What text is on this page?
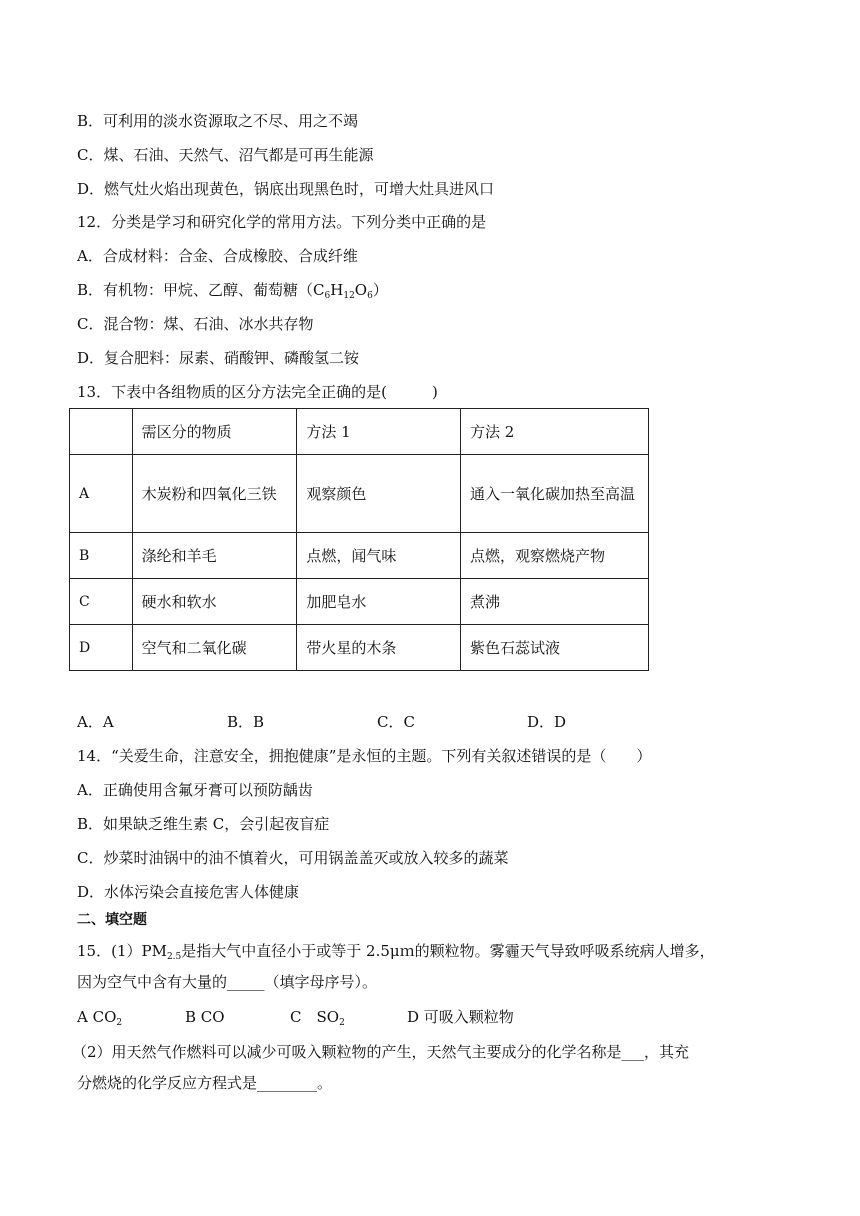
B．可利用的淡水资源取之不尽、用之不竭
C．煤、石油、天然气、沼气都是可再生能源
D．燃气灶火焰出现黄色，锅底出现黑色时，可增大灶具进风口
12．分类是学习和研究化学的常用方法。下列分类中正确的是
A．合成材料：合金、合成橡胶、合成纤维
B．有机物：甲烷、乙醇、葡萄糖$(C_6H_{12}O_6)$
C．混合物：煤、石油、冰水共存物
D．复合肥料：尿素、硝酸钾、磷酸氢二铵
13．下表中各组物质的区分方法完全正确的是(　　　)
	需区分的物质	方法 1	方法 2
A	木炭粉和四氧化三铁	观察颜色	通入一氧化碳加热至高温
B	涤纶和羊毛	点燃，闻气味	点燃，观察燃烧产物
C	硬水和软水	加肥皂水	煮沸
D	空气和二氧化碳	带火星的木条	紫色石蕊试液
A．A	B．B	C．C	D．D
14．“关爱生命，注意安全，拥抱健康”是永恒的主题。下列有关叙述错误的是（　　）
A．正确使用含氟牙膏可以预防龋齿
B．如果缺乏维生素 C，会引起夜盲症
C．炒菜时油锅中的油不慎着火，可用锅盖盖灭或放入较多的蔬菜
D．水体污染会直接危害人体健康
二、填空题
15．$(1)PM_{2.5}$是指大气中直径小于或等于 2.5μｍ的颗粒物。雾霾天气导致呼吸系统病人增多，
因为空气中含有大量的_____（填字母序号）。
A $CO_2$	B CO	C　$SO_2$	D 可吸入颗粒物
（2）用天然气作燃料可以减少可吸入颗粒物的产生，天然气主要成分的化学名称是___，其充
分燃烧的化学反应方程式是________。
